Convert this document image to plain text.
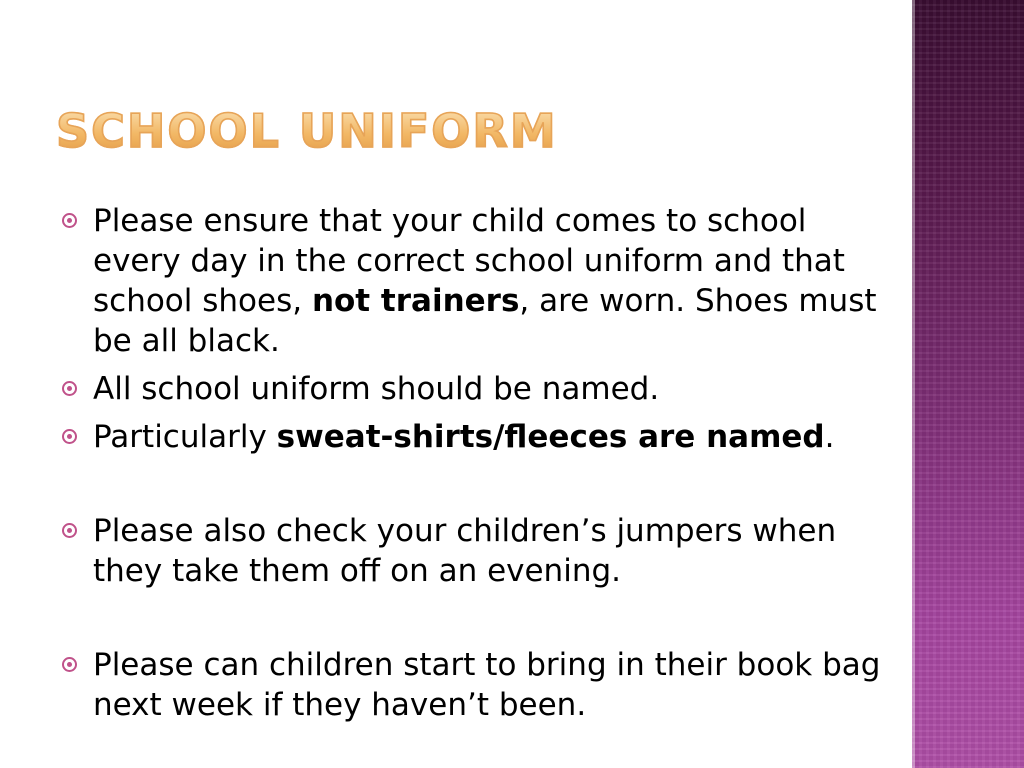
SCHOOL UNIFORM
Please ensure that your child comes to school every day in the correct school uniform and that school shoes, not trainers, are worn. Shoes must be all black.
All school uniform should be named.
Particularly sweat-shirts/fleeces are named.
Please also check your children’s jumpers when they take them off on an evening.
Please can children start to bring in their book bag next week if they haven’t been.
